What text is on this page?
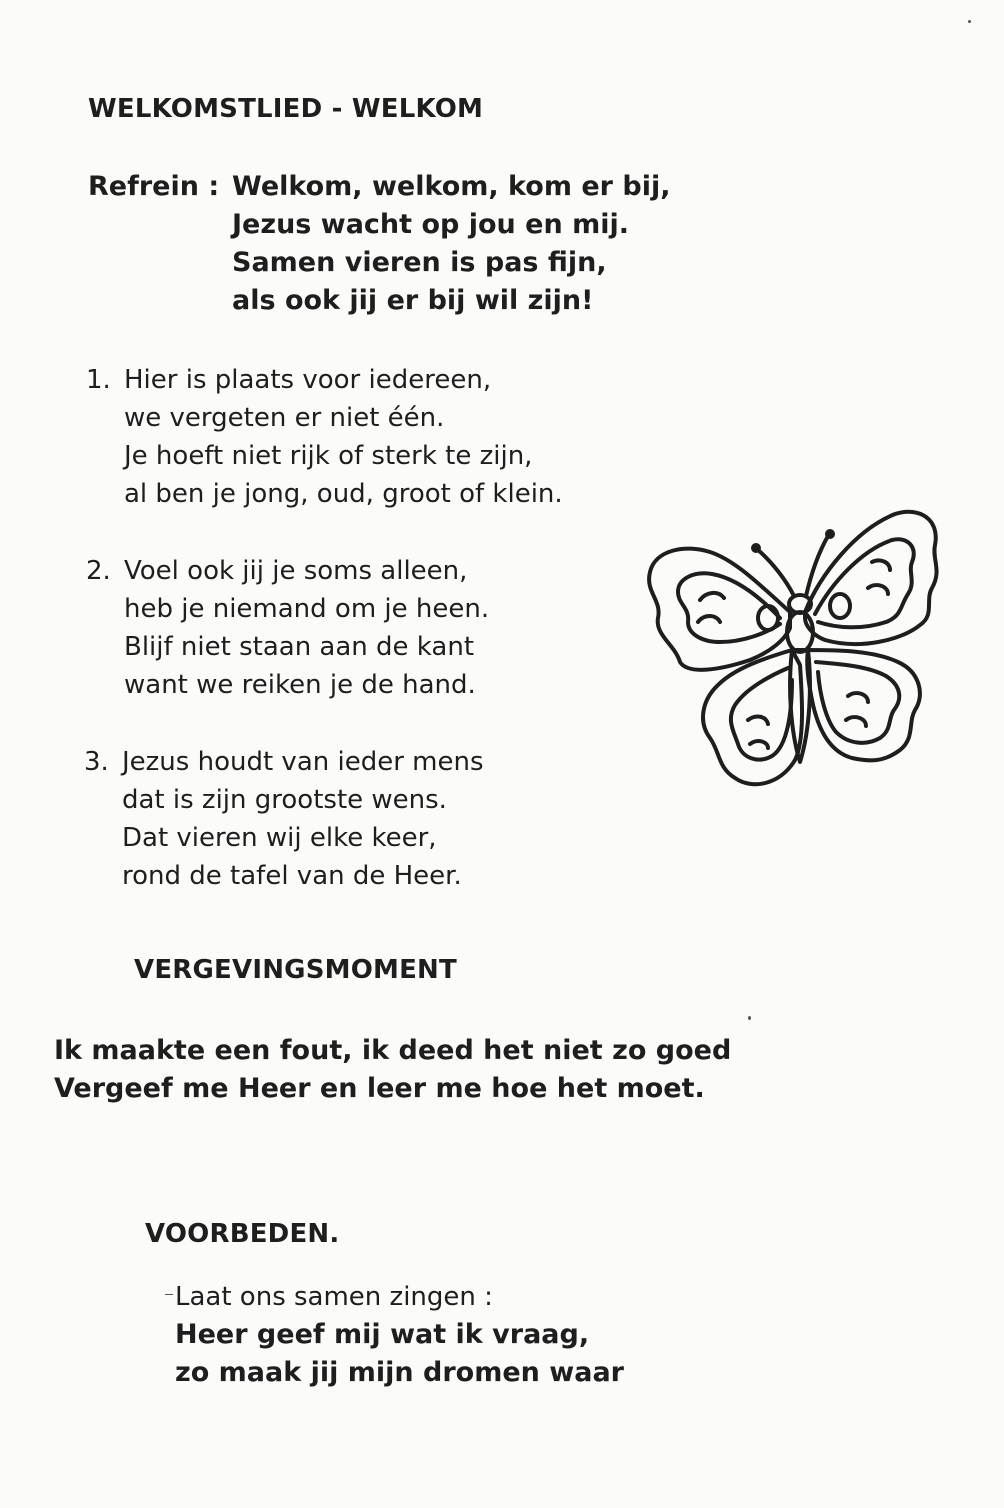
WELKOMSTLIED - WELKOM
Refrein : Welkom, welkom, kom er bij,
Jezus wacht op jou en mij.
Samen vieren is pas fijn,
als ook jij er bij wil zijn!
1. Hier is plaats voor iedereen,
we vergeten er niet één.
Je hoeft niet rijk of sterk te zijn,
al ben je jong, oud, groot of klein.
2. Voel ook jij je soms alleen,
heb je niemand om je heen.
Blijf niet staan aan de kant
want we reiken je de hand.
3. Jezus houdt van ieder mens
dat is zijn grootste wens.
Dat vieren wij elke keer,
rond de tafel van de Heer.
VERGEVINGSMOMENT
Ik maakte een fout, ik deed het niet zo goed
Vergeef me Heer en leer me hoe het moet.
VOORBEDEN.
Laat ons samen zingen :
Heer geef mij wat ik vraag,
zo maak jij mijn dromen waar
